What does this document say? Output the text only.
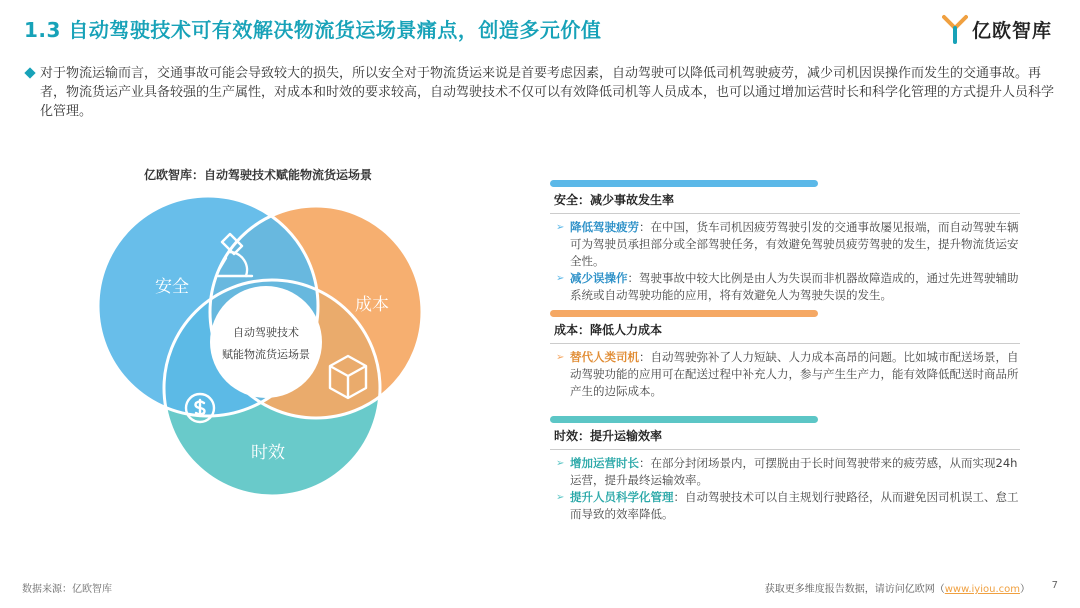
1.3 自动驾驶技术可有效解决物流货运场景痛点，创造多元价值	亿欧智库
对于物流运输而言，交通事故可能会导致较大的损失，所以安全对于物流货运来说是首要考虑因素，自动驾驶可以降低司机驾驶疲劳，减少司机因误操作而发生的交通事故。再者，物流货运产业具备较强的生产属性，对成本和时效的要求较高，自动驾驶技术不仅可以有效降低司机等人员成本，也可以通过增加运营时长和科学化管理的方式提升人员科学化管理。
亿欧智库：自动驾驶技术赋能物流货运场景
自动驾驶技术
赋能物流货运场景
安全
成本
时效
安全：减少事故发生率
➢ 降低驾驶疲劳：在中国，货车司机因疲劳驾驶引发的交通事故屡见报端，而自动驾驶车辆可为驾驶员承担部分或全部驾驶任务，有效避免驾驶员疲劳驾驶的发生，提升物流货运安全性。
➢ 减少误操作：驾驶事故中较大比例是由人为失误而非机器故障造成的，通过先进驾驶辅助系统或自动驾驶功能的应用，将有效避免人为驾驶失误的发生。
成本：降低人力成本
➢ 替代人类司机：自动驾驶弥补了人力短缺、人力成本高昂的问题。比如城市配送场景，自动驾驶功能的应用可在配送过程中补充人力，参与产生生产力，能有效降低配送时商品所产生的边际成本。
时效：提升运输效率
➢ 增加运营时长：在部分封闭场景内，可摆脱由于长时间驾驶带来的疲劳感，从而实现24h运营，提升最终运输效率。
➢ 提升人员科学化管理：自动驾驶技术可以自主规划行驶路径，从而避免因司机误工、怠工而导致的效率降低。
数据来源：亿欧智库	获取更多维度报告数据，请访问亿欧网（www.iyiou.com） 7
